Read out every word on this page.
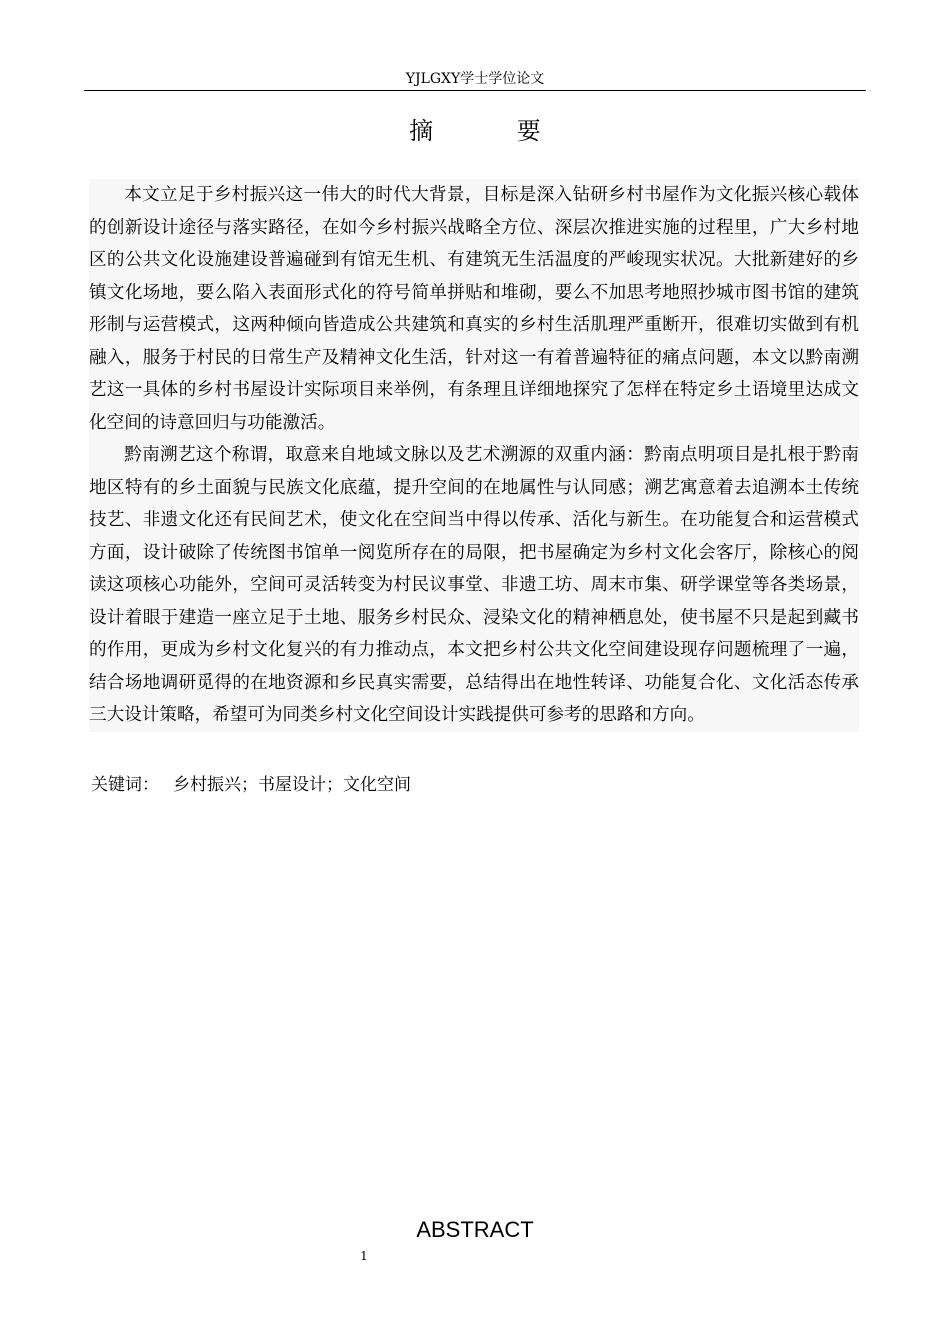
YJLGXY学士学位论文
摘 要

本文立足于乡村振兴这一伟大的时代大背景，目标是深入钻研乡村书屋作为文化振兴核心载体的创新设计途径与落实路径，在如今乡村振兴战略全方位、深层次推进实施的过程里，广大乡村地区的公共文化设施建设普遍碰到有馆无生机、有建筑无生活温度的严峻现实状况。大批新建好的乡镇文化场地，要么陷入表面形式化的符号简单拼贴和堆砌，要么不加思考地照抄城市图书馆的建筑形制与运营模式，这两种倾向皆造成公共建筑和真实的乡村生活肌理严重断开，很难切实做到有机融入，服务于村民的日常生产及精神文化生活，针对这一有着普遍特征的痛点问题，本文以黔南溯艺这一具体的乡村书屋设计实际项目来举例，有条理且详细地探究了怎样在特定乡土语境里达成文化空间的诗意回归与功能激活。

黔南溯艺这个称谓，取意来自地域文脉以及艺术溯源的双重内涵：黔南点明项目是扎根于黔南地区特有的乡土面貌与民族文化底蕴，提升空间的在地属性与认同感；溯艺寓意着去追溯本土传统技艺、非遗文化还有民间艺术，使文化在空间当中得以传承、活化与新生。在功能复合和运营模式方面，设计破除了传统图书馆单一阅览所存在的局限，把书屋确定为乡村文化会客厅，除核心的阅读这项核心功能外，空间可灵活转变为村民议事堂、非遗工坊、周末市集、研学课堂等各类场景，设计着眼于建造一座立足于土地、服务乡村民众、浸染文化的精神栖息处，使书屋不只是起到藏书的作用，更成为乡村文化复兴的有力推动点，本文把乡村公共文化空间建设现存问题梳理了一遍，结合场地调研觅得的在地资源和乡民真实需要，总结得出在地性转译、功能复合化、文化活态传承三大设计策略，希望可为同类乡村文化空间设计实践提供可参考的思路和方向。

关键词： 乡村振兴；书屋设计；文化空间
ABSTRACT
1
